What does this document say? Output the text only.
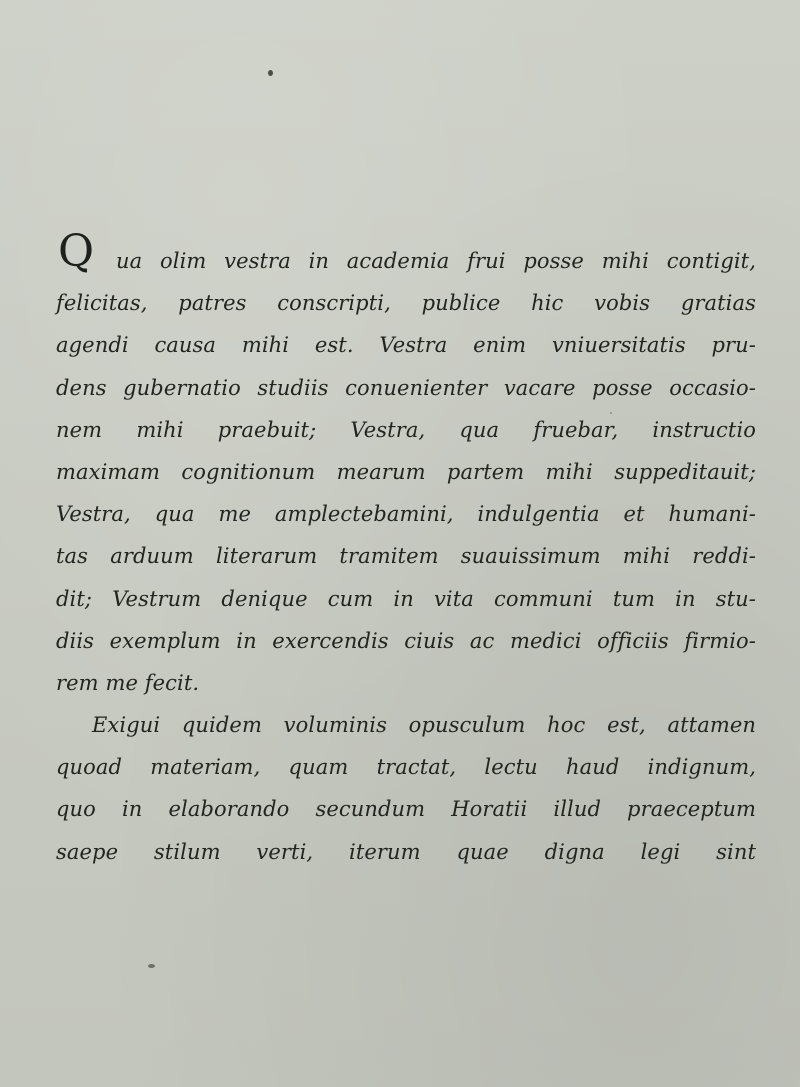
Q ua olim vestra in academia frui posse mihi contigit,
felicitas, patres conscripti, publice hic vobis gratias
agendi causa mihi est. Vestra enim vniuersitatis pru-
dens gubernatio studiis conuenienter vacare posse occasio-
nem mihi praebuit; Vestra, qua fruebar, instructio
maximam cognitionum mearum partem mihi suppeditauit;
Vestra, qua me amplectebamini, indulgentia et humani-
tas arduum literarum tramitem suauissimum mihi reddi-
dit; Vestrum denique cum in vita communi tum in stu-
diis exemplum in exercendis ciuis ac medici officiis firmio-
rem me fecit.
Exigui quidem voluminis opusculum hoc est, attamen
quoad materiam, quam tractat, lectu haud indignum,
quo in elaborando secundum Horatii illud praeceptum
saepe stilum verti, iterum quae digna legi sint
